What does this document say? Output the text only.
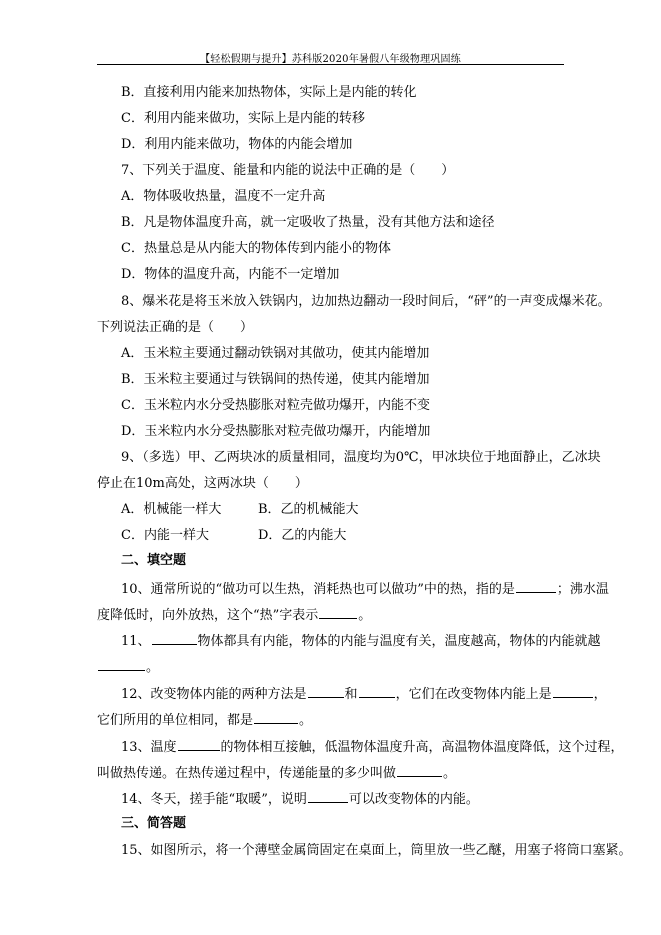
【轻松假期与提升】苏科版2020年暑假八年级物理巩固练
B．直接利用内能来加热物体，实际上是内能的转化
C．利用内能来做功，实际上是内能的转移
D．利用内能来做功，物体的内能会增加
7、下列关于温度、能量和内能的说法中正确的是（　　）
A．物体吸收热量，温度不一定升高
B．凡是物体温度升高，就一定吸收了热量，没有其他方法和途径
C．热量总是从内能大的物体传到内能小的物体
D．物体的温度升高，内能不一定增加
8、爆米花是将玉米放入铁锅内，边加热边翻动一段时间后，“砰”的一声变成爆米花。
下列说法正确的是（　　）
A．玉米粒主要通过翻动铁锅对其做功，使其内能增加
B．玉米粒主要通过与铁锅间的热传递，使其内能增加
C．玉米粒内水分受热膨胀对粒壳做功爆开，内能不变
D．玉米粒内水分受热膨胀对粒壳做功爆开，内能增加
9、（多选）甲、乙两块冰的质量相同，温度均为0℃，甲冰块位于地面静止，乙冰块
停止在10m高处，这两冰块（　　）
A．机械能一样大	B．乙的机械能大
C．内能一样大	D．乙的内能大
二、填空题
10、通常所说的“做功可以生热，消耗热也可以做功”中的热，指的是	；沸水温
度降低时，向外放热，这个“热”字表示	。
11、	物体都具有内能，物体的内能与温度有关，温度越高，物体的内能就越
。
12、改变物体内能的两种方法是	和	，它们在改变物体内能上是	，
它们所用的单位相同，都是	。
13、温度	的物体相互接触，低温物体温度升高，高温物体温度降低，这个过程，
叫做热传递。在热传递过程中，传递能量的多少叫做	。
14、冬天，搓手能“取暖”，说明	可以改变物体的内能。
三、简答题
15、如图所示，将一个薄壁金属筒固定在桌面上，筒里放一些乙醚，用塞子将筒口塞紧。
